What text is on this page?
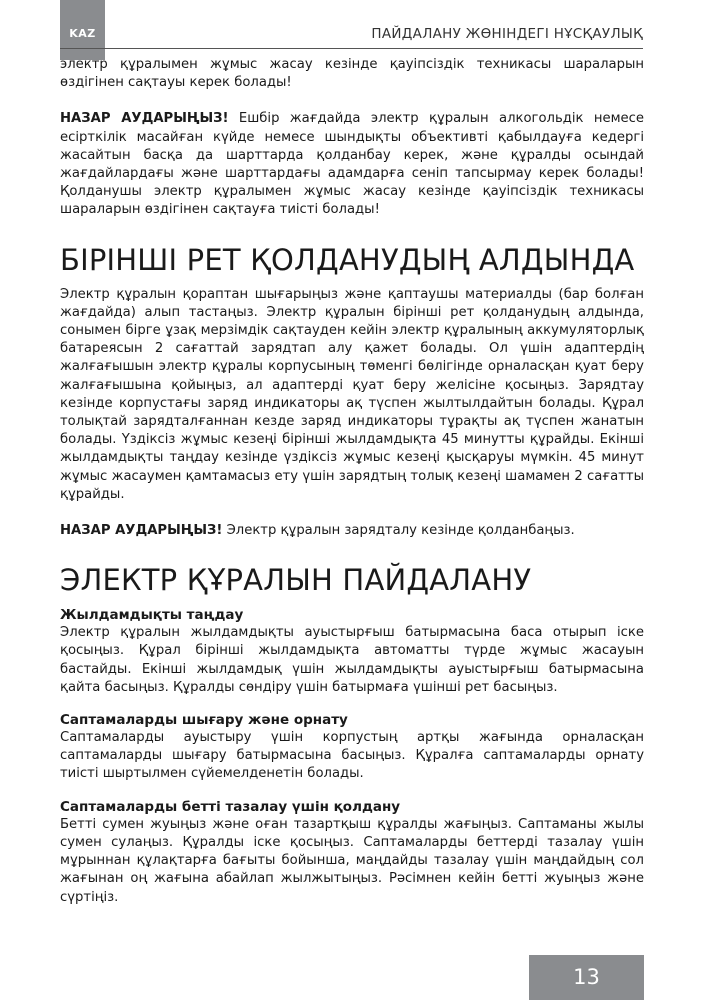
KAZ	ПАЙДАЛАНУ ЖӨНІНДЕГІ НҰСҚАУЛЫҚ

электр құралымен жұмыс жасау кезінде қауіпсіздік техникасы шараларын өздігінен сақтауы керек болады!

НАЗАР АУДАРЫҢЫЗ! Ешбір жағдайда электр құралын алкогольдік немесе есірткілік масайған күйде немесе шындықты объективті қабылдауға кедергі жасайтын басқа да шарттарда қолданбау керек, және құралды осындай жағдайлардағы және шарттардағы адамдарға сеніп тапсырмау керек болады! Қолданушы электр құралымен жұмыс жасау кезінде қауіпсіздік техникасы шараларын өздігінен сақтауға тиісті болады!

БІРІНШІ РЕТ ҚОЛДАНУДЫҢ АЛДЫНДА

Электр құралын қораптан шығарыңыз және қаптаушы материалды (бар болған жағдайда) алып тастаңыз. Электр құралын бірінші рет қолданудың алдында, сонымен бірге ұзақ мерзімдік сақтауден кейін электр құралының аккумуляторлық батареясын 2 сағаттай зарядтап алу қажет болады. Ол үшін адаптердің жалғағышын электр құралы корпусының төменгі бөлігінде орналасқан қуат беру жалғағышына қойыңыз, ал адаптерді қуат беру желісіне қосыңыз. Зарядтау кезінде корпустағы заряд индикаторы ақ түспен жылтылдайтын болады. Құрал толықтай зарядталғаннан кезде заряд индикаторы тұрақты ақ түспен жанатын болады. Үздіксіз жұмыс кезеңі бірінші жылдамдықта 45 минутты құрайды. Екінші жылдамдықты таңдау кезінде үздіксіз жұмыс кезеңі қысқаруы мүмкін. 45 минут жұмыс жасаумен қамтамасыз ету үшін зарядтың толық кезеңі шамамен 2 сағатты құрайды.

НАЗАР АУДАРЫҢЫЗ! Электр құралын зарядталу кезінде қолданбаңыз.

ЭЛЕКТР ҚҰРАЛЫН ПАЙДАЛАНУ
Жылдамдықты таңдау

Электр құралын жылдамдықты ауыстырғыш батырмасына баса отырып іске қосыңыз. Құрал бірінші жылдамдықта автоматты түрде жұмыс жасауын бастайды. Екінші жылдамдық үшін жылдамдықты ауыстырғыш батырмасына қайта басыңыз. Құралды сөндіру үшін батырмаға үшінші рет басыңыз.

Саптамаларды шығару және орнату

Саптамаларды ауыстыру үшін корпустың артқы жағында орналасқан саптамаларды шығару батырмасына басыңыз. Құралға саптамаларды орнату тиісті шыртылмен сүйемелденетін болады.

Саптамаларды бетті тазалау үшін қолдану

Бетті сумен жуыңыз және оған тазартқыш құралды жағыңыз. Саптаманы жылы сумен сулаңыз. Құралды іске қосыңыз. Саптамаларды беттерді тазалау үшін мұрыннан құлақтарға бағыты бойынша, маңдайды тазалау үшін маңдайдың сол жағынан оң жағына абайлап жылжытыңыз. Рәсімнен кейін бетті жуыңыз және сүртіңіз.

13
